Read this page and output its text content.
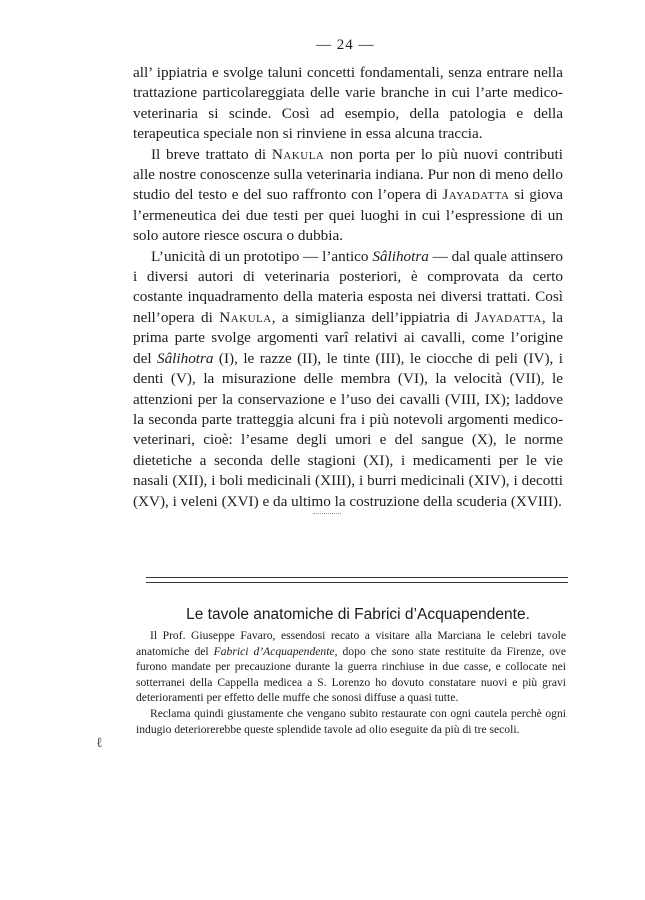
— 24 —

all’ ippiatria e svolge taluni concetti fondamentali, senza entrare nella trattazione particolareggiata delle varie branche in cui l’arte medico-veterinaria si scinde. Così ad esempio, della patologia e della terapeutica speciale non si rinviene in essa alcuna traccia.

Il breve trattato di Nakula non porta per lo più nuovi contributi alle nostre conoscenze sulla veterinaria indiana. Pur non di meno dello studio del testo e del suo raffronto con l’opera di Jayadatta si giova l’ermeneutica dei due testi per quei luoghi in cui l’espressione di un solo autore riesce oscura o dubbia.

L’unicità di un prototipo — l’antico Sâlihotra — dal quale attinsero i diversi autori di veterinaria posteriori, è comprovata da certo costante inquadramento della materia esposta nei diversi trattati. Così nell’opera di Nakula, a simiglianza dell’ippiatria di Jayadatta, la prima parte svolge argomenti varî relativi ai cavalli, come l’origine del Sâlihotra (I), le razze (II), le tinte (III), le ciocche di peli (IV), i denti (V), la misurazione delle membra (VI), la velocità (VII), le attenzioni per la conservazione e l’uso dei cavalli (VIII, IX); laddove la seconda parte tratteggia alcuni fra i più notevoli argomenti medico-veterinari, cioè: l’esame degli umori e del sangue (X), le norme dietetiche a seconda delle stagioni (XI), i medicamenti per le vie nasali (XII), i boli medicinali (XIII), i burri medicinali (XIV), i decotti (XV), i veleni (XVI) e da ultimo la costruzione della scuderia (XVIII).

Le tavole anatomiche di Fabrici d’Acquapendente.

Il Prof. Giuseppe Favaro, essendosi recato a visitare alla Marciana le celebri tavole anatomiche del Fabrici d’Acquapendente, dopo che sono state restituite da Firenze, ove furono mandate per precauzione durante la guerra rinchiuse in due casse, e collocate nei sotterranei della Cappella medicea a S. Lorenzo ho dovuto constatare nuovi e più gravi deterioramenti per effetto delle muffe che sonosi diffuse a quasi tutte.

Reclama quindi giustamente che vengano subito restaurate con ogni cautela perchè ogni indugio deteriorerebbe queste splendide tavole ad olio eseguite da più di tre secoli.

ℓ
